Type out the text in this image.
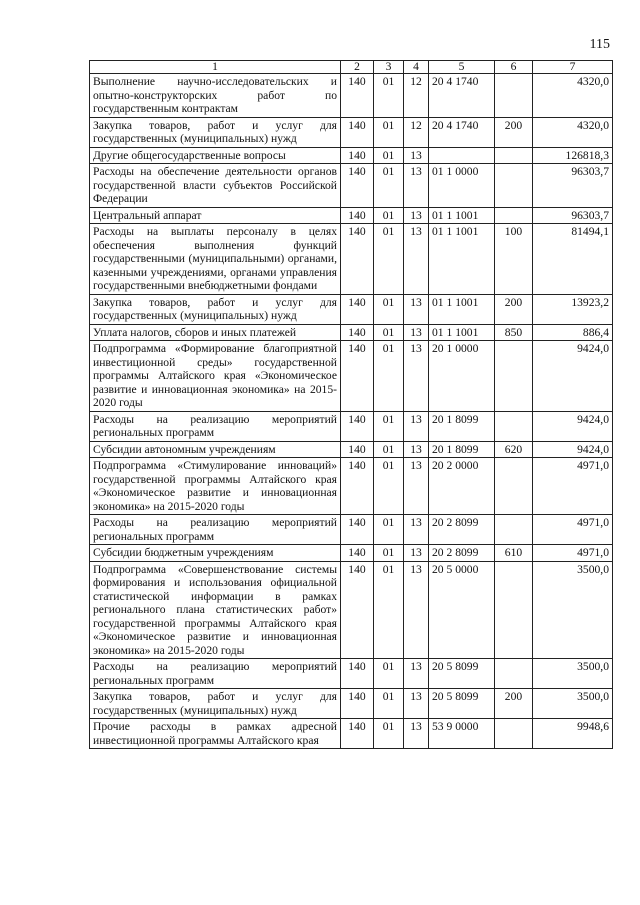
115
1	2	3	4	5	6	7
Выполнение научно-исследовательских и опытно-конструкторских работ по государственным контрактам	140	01	12	20 4 1740		4320,0
Закупка товаров, работ и услуг для государственных (муниципальных) нужд	140	01	12	20 4 1740	200	4320,0
Другие общегосударственные вопросы	140	01	13			126818,3
Расходы на обеспечение деятельности органов государственной власти субъектов Российской Федерации	140	01	13	01 1 0000		96303,7
Центральный аппарат	140	01	13	01 1 1001		96303,7
Расходы на выплаты персоналу в целях обеспечения выполнения функций государственными (муниципальными) органами, казенными учреждениями, органами управления государственными внебюджетными фондами	140	01	13	01 1 1001	100	81494,1
Закупка товаров, работ и услуг для государственных (муниципальных) нужд	140	01	13	01 1 1001	200	13923,2
Уплата налогов, сборов и иных платежей	140	01	13	01 1 1001	850	886,4
Подпрограмма «Формирование благоприятной инвестиционной среды» государственной программы Алтайского края «Экономическое развитие и инновационная экономика» на 2015-2020 годы	140	01	13	20 1 0000		9424,0
Расходы на реализацию мероприятий региональных программ	140	01	13	20 1 8099		9424,0
Субсидии автономным учреждениям	140	01	13	20 1 8099	620	9424,0
Подпрограмма «Стимулирование инноваций» государственной программы Алтайского края «Экономическое развитие и инновационная экономика» на 2015-2020 годы	140	01	13	20 2 0000		4971,0
Расходы на реализацию мероприятий региональных программ	140	01	13	20 2 8099		4971,0
Субсидии бюджетным учреждениям	140	01	13	20 2 8099	610	4971,0
Подпрограмма «Совершенствование системы формирования и использования официальной статистической информации в рамках регионального плана статистических работ» государственной программы Алтайского края «Экономическое развитие и инновационная экономика» на 2015-2020 годы	140	01	13	20 5 0000		3500,0
Расходы на реализацию мероприятий региональных программ	140	01	13	20 5 8099		3500,0
Закупка товаров, работ и услуг для государственных (муниципальных) нужд	140	01	13	20 5 8099	200	3500,0
Прочие расходы в рамках адресной инвестиционной программы Алтайского края	140	01	13	53 9 0000		9948,6
